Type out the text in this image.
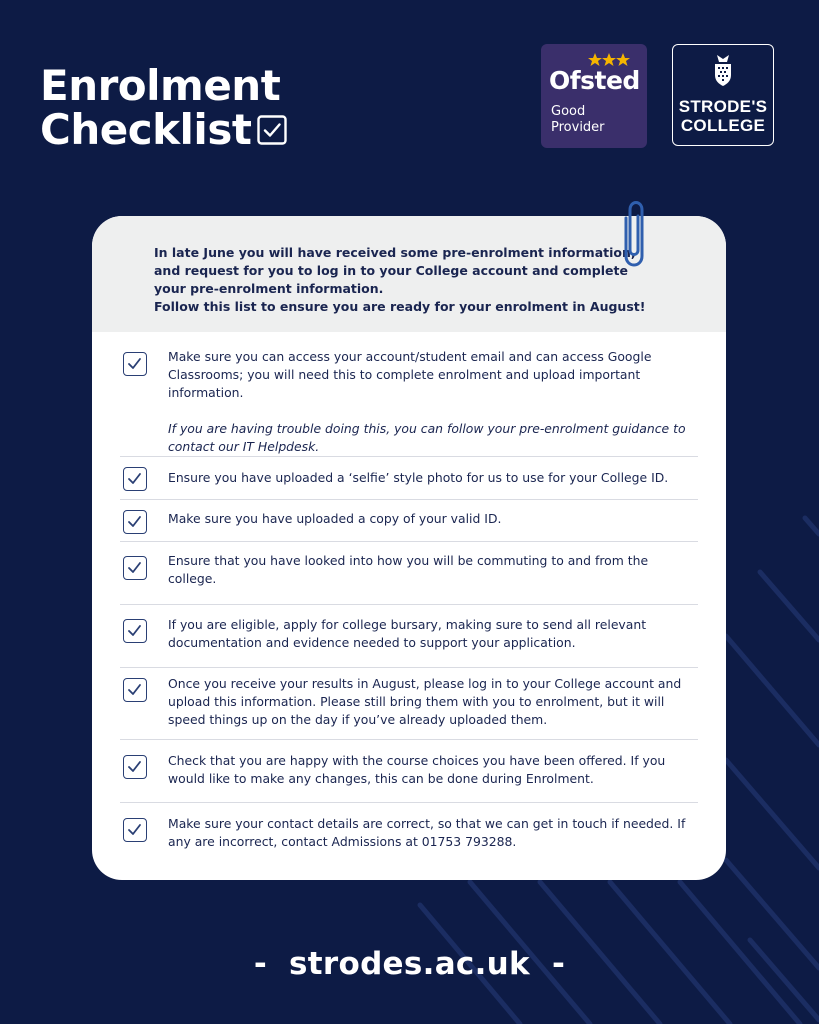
Enrolment
Checklist
Ofsted
Good
Provider
STRODE'S
COLLEGE

In late June you will have received some pre-enrolment information,

and request for you to log in to your College account and complete

your pre-enrolment information.

Follow this list to ensure you are ready for your enrolment in August!

Make sure you can access your account/student email and can access Google Classrooms; you will need this to complete enrolment and upload important information.

If you are having trouble doing this, you can follow your pre-enrolment guidance to contact our IT Helpdesk.

Ensure you have uploaded a ‘selfie’ style photo for us to use for your College ID.

Make sure you have uploaded a copy of your valid ID.

Ensure that you have looked into how you will be commuting to and from the college.

If you are eligible, apply for college bursary, making sure to send all relevant documentation and evidence needed to support your application.

Once you receive your results in August, please log in to your College account and upload this information. Please still bring them with you to enrolment, but it will speed things up on the day if you’ve already uploaded them.

Check that you are happy with the course choices you have been offered. If you would like to make any changes, this can be done during Enrolment.

Make sure your contact details are correct, so that we can get in touch if needed. If any are incorrect, contact Admissions at 01753 793288.

- strodes.ac.uk -
